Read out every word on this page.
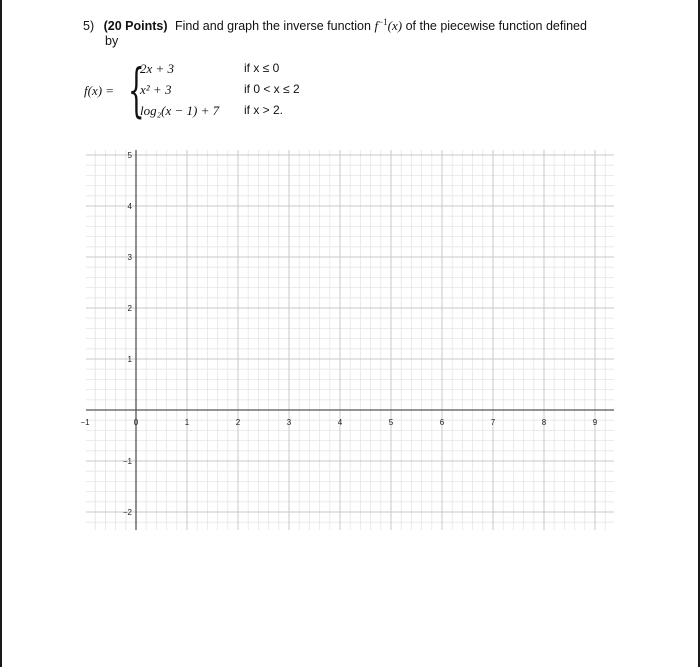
5) (20 Points) Find and graph the inverse function $f^{-1}(x)$ of the piecewise function defined
by
f(x) = {
2x + 3	if x ≤ 0
x² + 3	if 0 < x ≤ 2
log₂(x − 1) + 7 if x > 2.
−1	0	1	2	3	4	5	6	7	8	9
5
4
3
2
1
−1
−2
